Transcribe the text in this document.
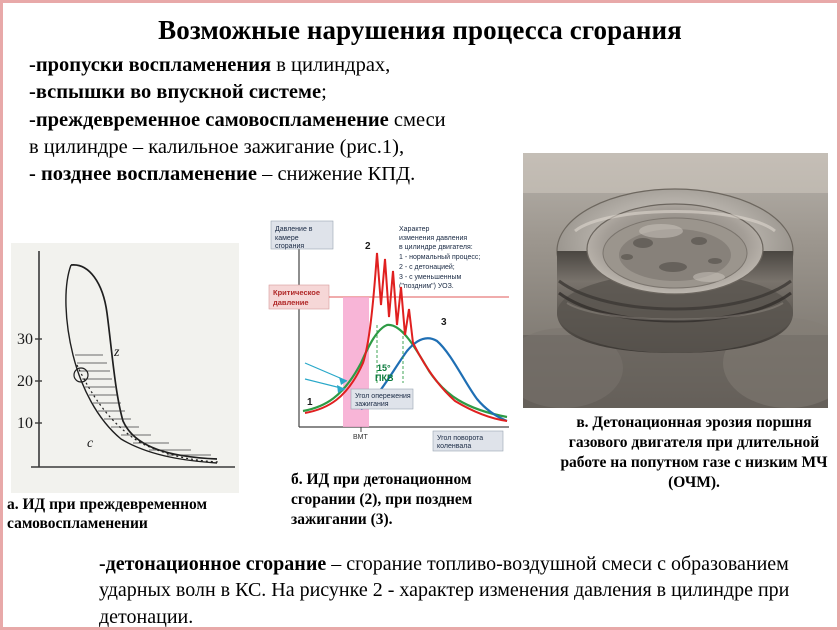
Возможные нарушения процесса сгорания
-пропуски воспламенения в цилиндрах,
-вспышки во впускной системе;
-преждевременное самовоспламенение смеси
в цилиндре – калильное зажигание (рис.1),
- позднее воспламенение – снижение КПД.
30
20
10
z
c
а. ИД при преждевременном самовоспламенении
Давление в
камере
сгорания
Критическое
давление
Характер
изменения давления
в цилиндре двигателя:
1 - нормальный процесс;
2 - с детонацией;
3 - с уменьшенным
("поздним") УОЗ.
2
3
1
15°
ПКВ
Угол опережения
зажигания
Угол поворота
коленвала
ВМТ
б. ИД при детонационном сгорании (2), при позднем зажигании (3).
в. Детонационная эрозия поршня газового двигателя при длительной работе на попутном газе с низким МЧ (ОЧМ).
-детонационное сгорание – сгорание топливо-воздушной смеси с образованием ударных волн в КС. На рисунке 2 - характер изменения давления в цилиндре при детонации.
